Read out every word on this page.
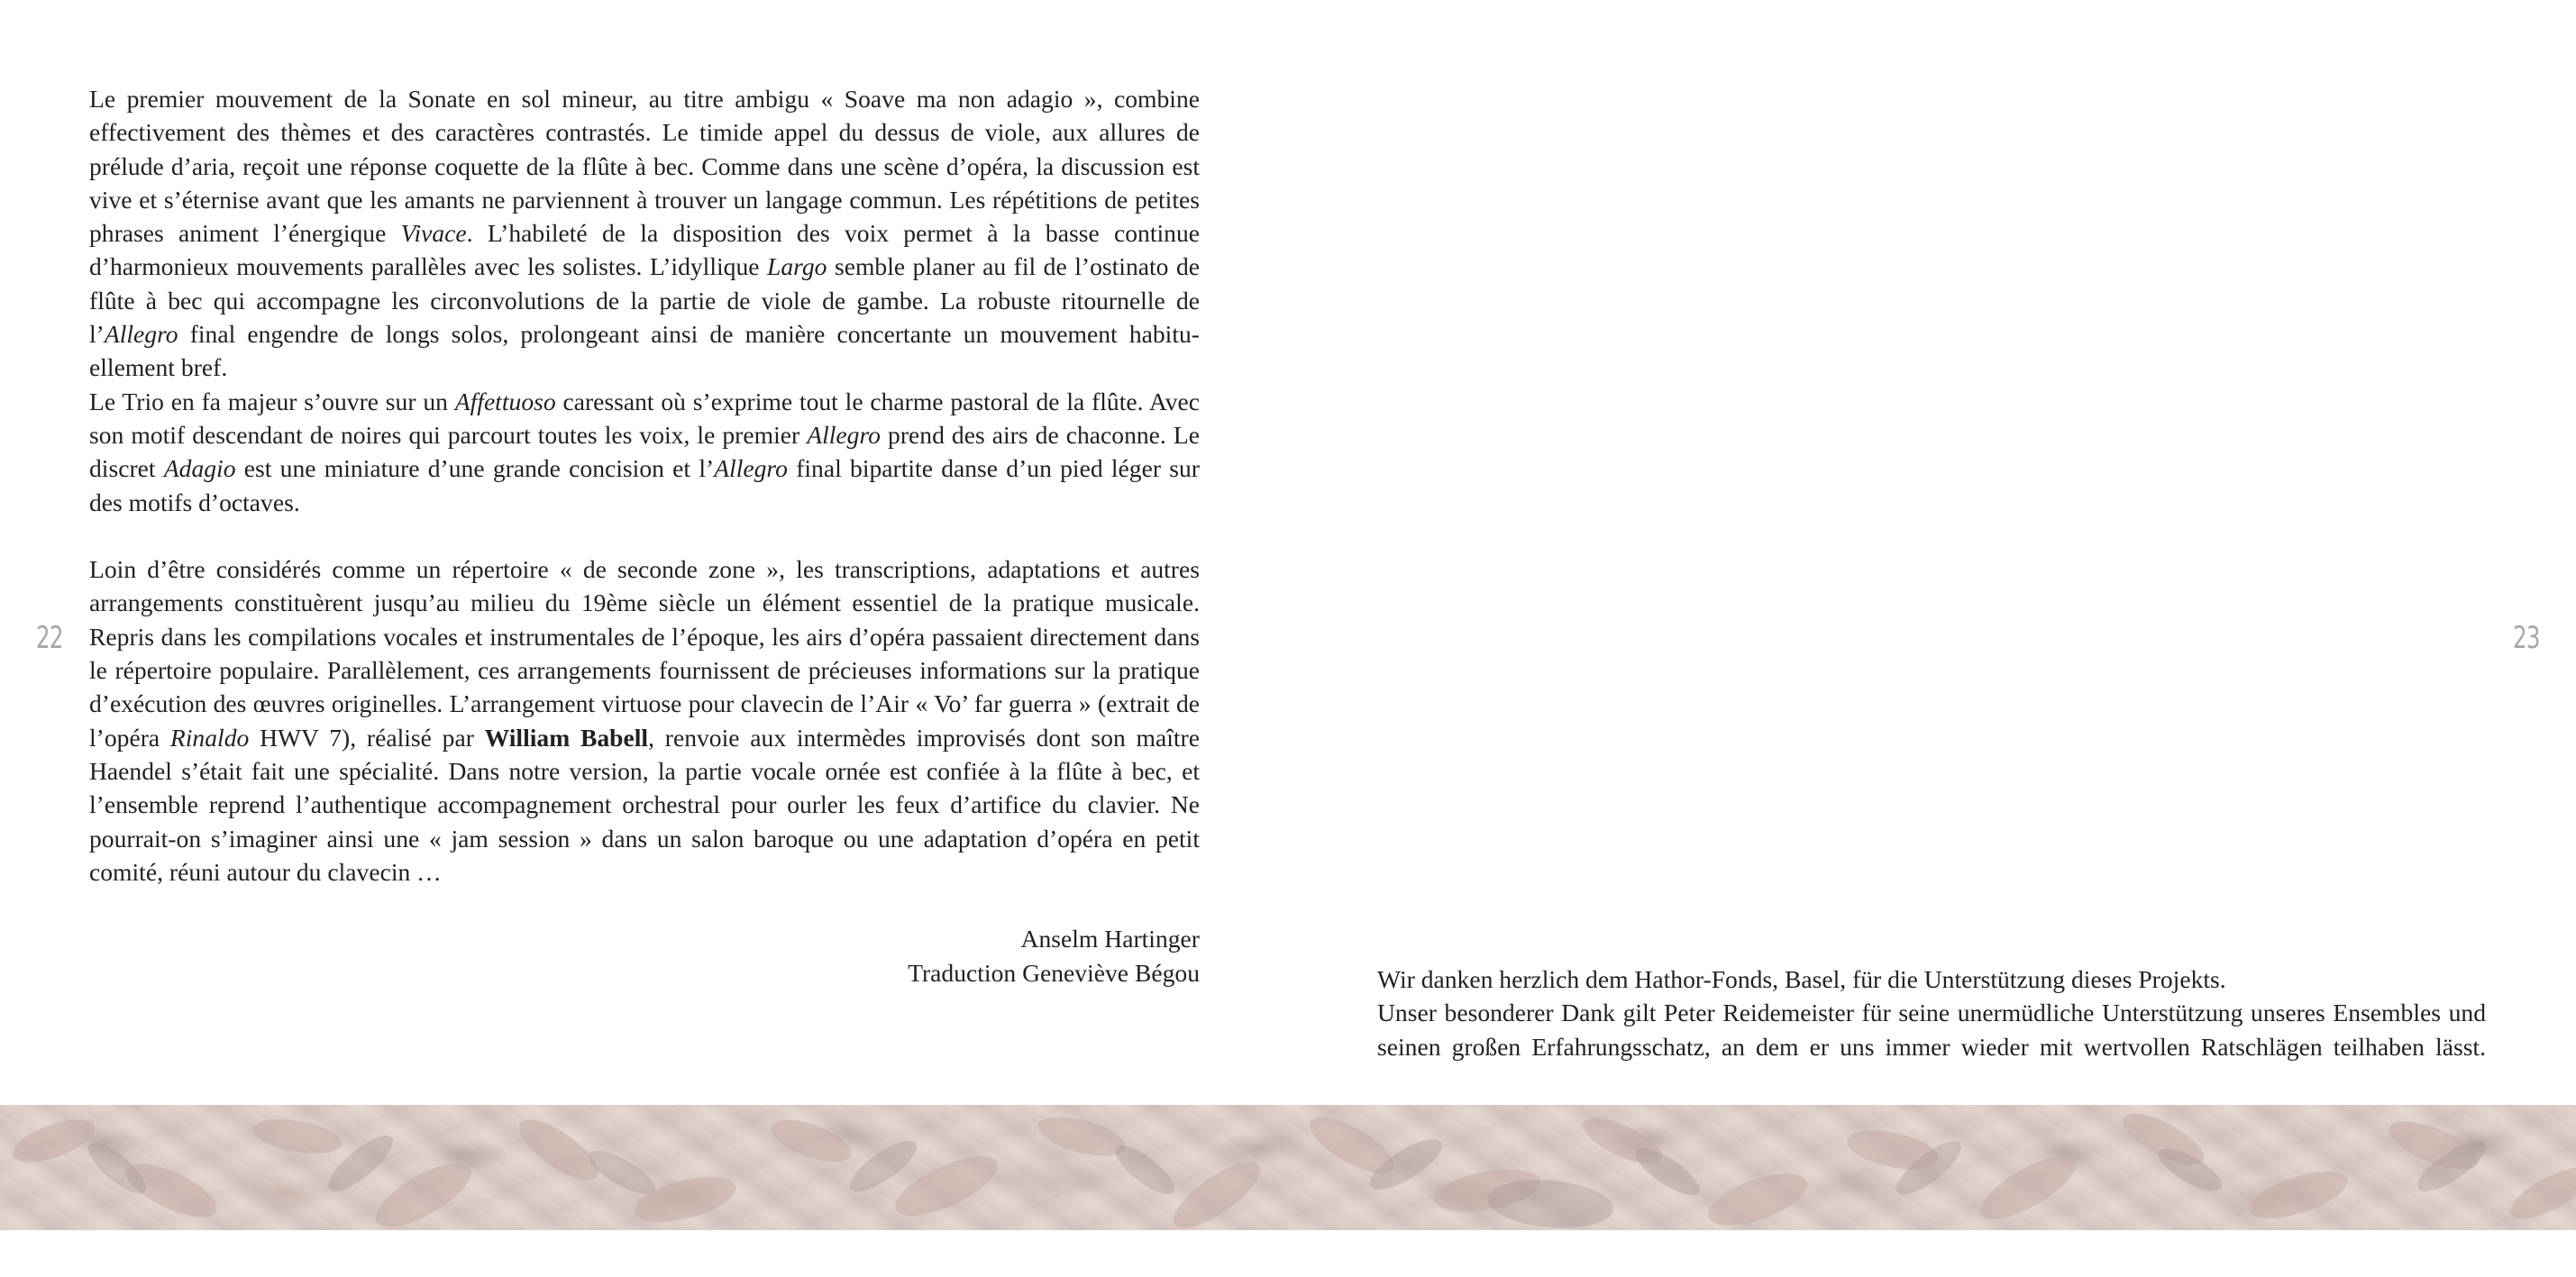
22	23

Le premier mouvement de la Sonate en sol mineur, au titre ambigu « Soave ma non adagio », combine effectivement des thèmes et des caractères contrastés. Le timide appel du dessus de viole, aux allures de prélude d’aria, reçoit une réponse coquette de la flûte à bec. Comme dans une scène d’opéra, la discussion est vive et s’éternise avant que les amants ne parviennent à trouver un langage commun. Les répétitions de petites phrases animent l’énergique Vivace. L’habileté de la disposition des voix permet à la basse continue d’harmonieux mouvements parallèles avec les solistes. L’idyllique Largo semble planer au fil de l’ostinato de flûte à bec qui accompagne les circonvolutions de la partie de viole de gambe. La robuste ritournelle de l’Allegro final engendre de longs solos, prolongeant ainsi de manière concertante un mouvement habituellement bref.

Le Trio en fa majeur s’ouvre sur un Affettuoso caressant où s’exprime tout le charme pastoral de la flûte. Avec son motif descendant de noires qui parcourt toutes les voix, le premier Allegro prend des airs de chaconne. Le discret Adagio est une miniature d’une grande concision et l’Allegro final bipartite danse d’un pied léger sur des motifs d’octaves.

Loin d’être considérés comme un répertoire « de seconde zone », les transcriptions, adaptations et autres arrangements constituèrent jusqu’au milieu du 19ème siècle un élément essentiel de la pratique musicale. Repris dans les compilations vocales et instrumentales de l’époque, les airs d’opéra passaient directement dans le répertoire populaire. Parallèlement, ces arrangements fournissent de précieuses informations sur la pratique d’exécution des œuvres originelles. L’arrangement virtuose pour clavecin de l’Air « Vo’ far guerra » (extrait de l’opéra Rinaldo HWV 7), réalisé par William Babell, renvoie aux intermèdes improvisés dont son maître Haendel s’était fait une spécialité. Dans notre version, la partie vocale ornée est confiée à la flûte à bec, et l’ensemble reprend l’authentique accompagnement orchestral pour ourler les feux d’artifice du clavier. Ne pourrait-on s’imaginer ainsi une « jam session » dans un salon baroque ou une adaptation d’opéra en petit comité, réuni autour du clavecin …

Anselm Hartinger

Traduction Geneviève Bégou	Wir danken herzlich dem Hathor-Fonds, Basel, für die Unterstützung dieses Projekts.

Unser besonderer Dank gilt Peter Reidemeister für seine unermüdliche Unterstützung unseres Ensembles und seinen großen Erfahrungsschatz, an dem er uns immer wieder mit wertvollen Ratschlägen teilhaben lässt.
